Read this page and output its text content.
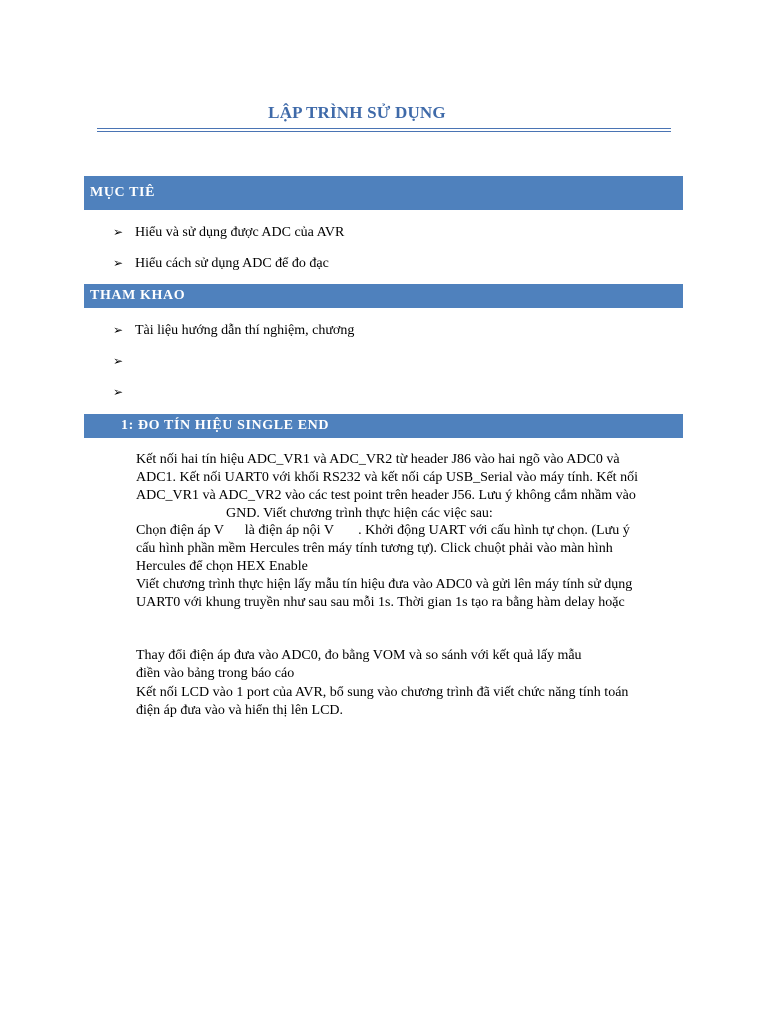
LẬP TRÌNH SỬ DỤNG
MỤC TIÊ
➢ Hiểu và sử dụng được ADC của AVR
➢ Hiểu cách sử dụng ADC để đo đạc
THAM KHAO
➢ Tài liệu hướng dẫn thí nghiệm, chương
➢
➢
1: ĐO TÍN HIỆU SINGLE END
Kết nối hai tín hiệu ADC_VR1 và ADC_VR2 từ header J86 vào hai ngõ vào ADC0 và
ADC1. Kết nối UART0 với khối RS232 và kết nối cáp USB_Serial vào máy tính. Kết nối
ADC_VR1 và ADC_VR2 vào các test point trên header J56. Lưu ý không cắm nhầm vào
GND. Viết chương trình thực hiện các việc sau:
Chọn điện áp V      là điện áp nội V       . Khởi động UART với cấu hình tự chọn. (Lưu ý
cấu hình phần mềm Hercules trên máy tính tương tự). Click chuột phải vào màn hình
Hercules để chọn HEX Enable
Viết chương trình thực hiện lấy mẫu tín hiệu đưa vào ADC0 và gửi lên máy tính sử dụng
UART0 với khung truyền như sau sau mỗi 1s. Thời gian 1s tạo ra bằng hàm delay hoặc
Thay đổi điện áp đưa vào ADC0, đo bằng VOM và so sánh với kết quả lấy mẫu
điền vào bảng trong báo cáo
Kết nối LCD vào 1 port của AVR, bổ sung vào chương trình đã viết chức năng tính toán
điện áp đưa vào và hiển thị lên LCD.
